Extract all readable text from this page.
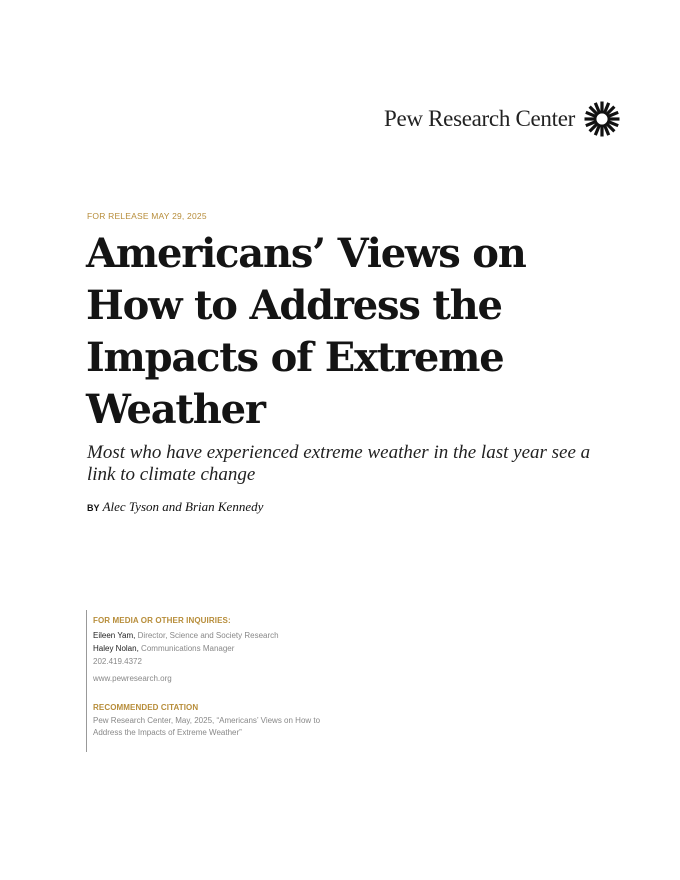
Pew Research Center
FOR RELEASE MAY 29, 2025
Americans’ Views on How to Address the Impacts of Extreme Weather

Most who have experienced extreme weather in the last year see a link to climate change

BY Alec Tyson and Brian Kennedy
FOR MEDIA OR OTHER INQUIRIES:
Eileen Yam, Director, Science and Society Research
Haley Nolan, Communications Manager
202.419.4372
www.pewresearch.org
RECOMMENDED CITATION
Pew Research Center, May, 2025, “Americans’ Views on How to Address the Impacts of Extreme Weather”
